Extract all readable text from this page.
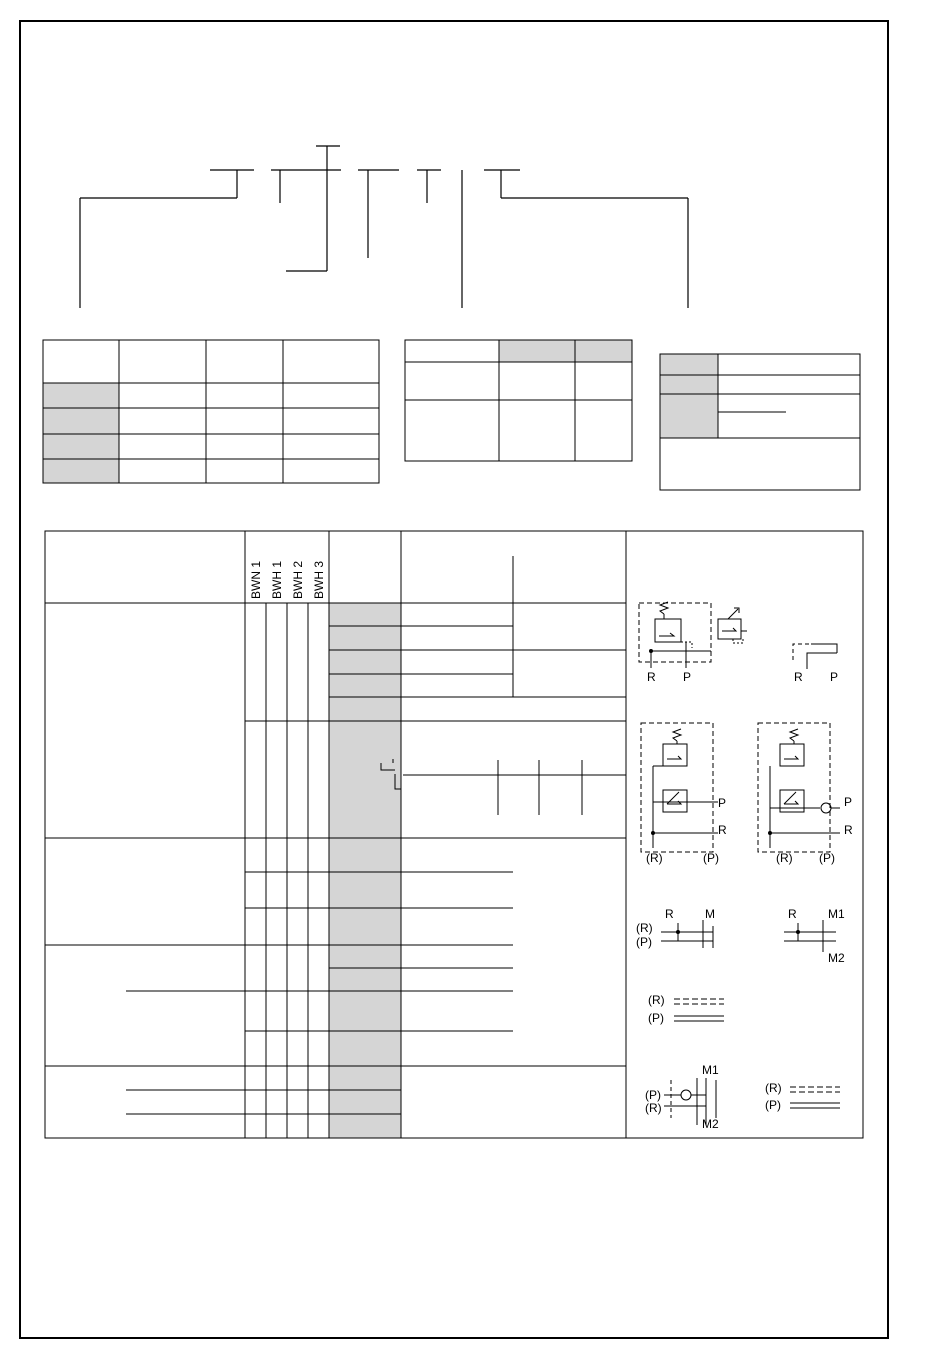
BWN 1 BWH 1 BWH 2 BWH 3
R P	R P
P
R
(R)	(P)
P
R
(R) (P)
R	M
(R)
(P)
R	M1
M2
(R)
(P)
M1
(P)
(R)
M2
(R)
(P)
